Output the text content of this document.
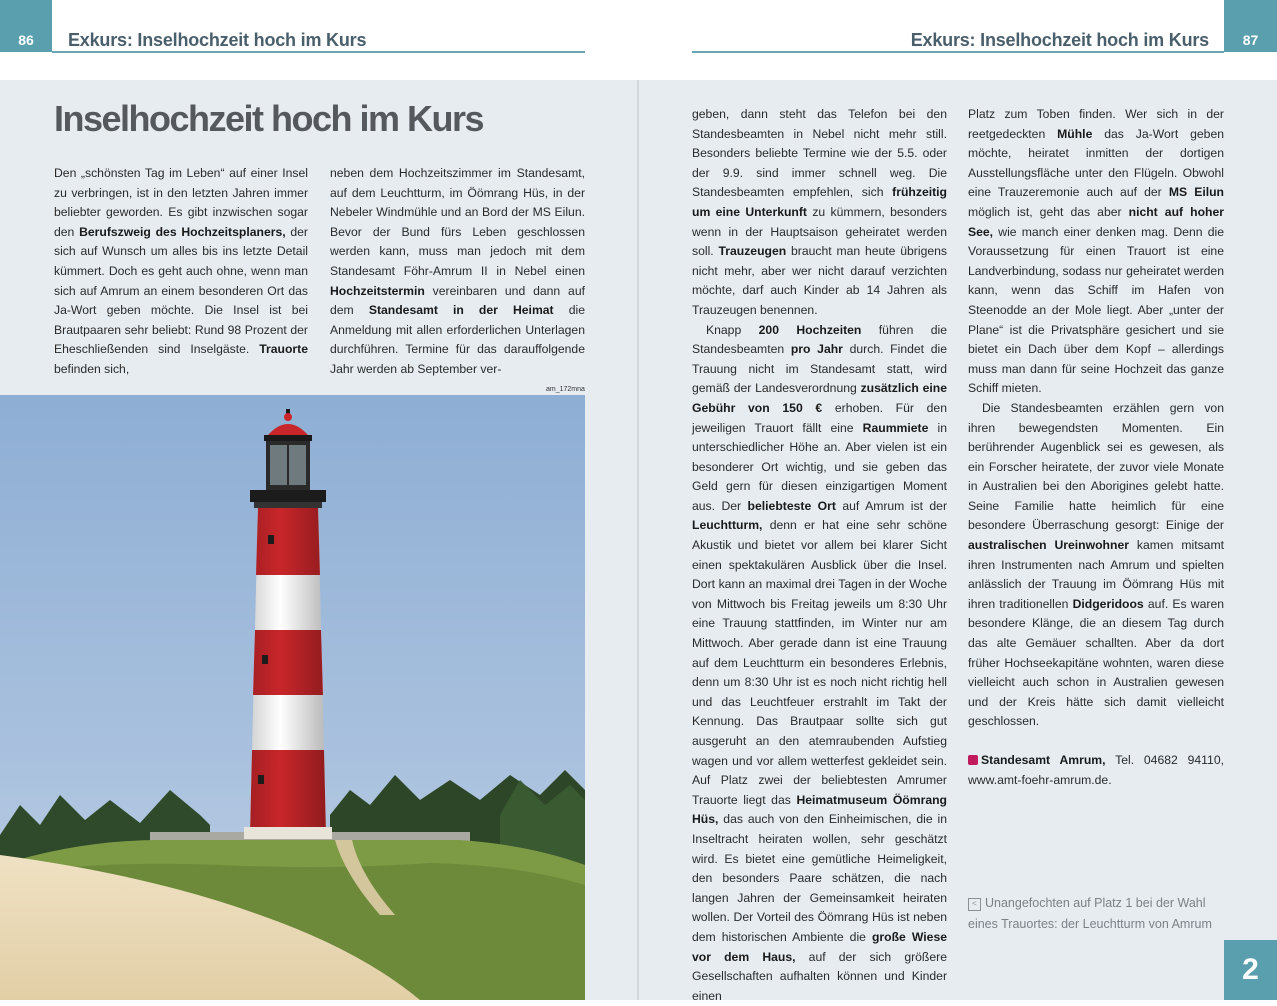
86	Exkurs: Inselhochzeit hoch im Kurs
Inselhochzeit hoch im Kurs

Den „schönsten Tag im Leben“ auf einer Insel zu verbringen, ist in den letzten Jahren immer beliebter geworden. Es gibt inzwischen sogar den Berufszweig des Hochzeitsplaners, der sich auf Wunsch um alles bis ins letzte Detail kümmert. Doch es geht auch ohne, wenn man sich auf Amrum an einem besonderen Ort das Ja-Wort geben möchte. Die Insel ist bei Brautpaaren sehr beliebt: Rund 98 Prozent der Eheschließenden sind Inselgäste. Trauorte befinden sich,

neben dem Hochzeitszimmer im Standesamt, auf dem Leuchtturm, im Öömrang Hüs, in der Nebeler Windmühle und an Bord der MS Eilun. Bevor der Bund fürs Leben geschlossen werden kann, muss man jedoch mit dem Standesamt Föhr-Amrum II in Nebel einen Hochzeitstermin vereinbaren und dann auf dem Standesamt in der Heimat die Anmeldung mit allen erforderlichen Unterlagen durchführen. Termine für das darauffolgende Jahr werden ab September ver-

am_172mna
Exkurs: Inselhochzeit hoch im Kurs	87

geben, dann steht das Telefon bei den Standesbeamten in Nebel nicht mehr still. Besonders beliebte Termine wie der 5.5. oder der 9.9. sind immer schnell weg. Die Standesbeamten empfehlen, sich frühzeitig um eine Unterkunft zu kümmern, besonders wenn in der Hauptsaison geheiratet werden soll. Trauzeugen braucht man heute übrigens nicht mehr, aber wer nicht darauf verzichten möchte, darf auch Kinder ab 14 Jahren als Trauzeugen benennen.

Knapp 200 Hochzeiten führen die Standesbeamten pro Jahr durch. Findet die Trauung nicht im Standesamt statt, wird gemäß der Landesverordnung zusätzlich eine Gebühr von 150 € erhoben. Für den jeweiligen Trauort fällt eine Raummiete in unterschiedlicher Höhe an. Aber vielen ist ein besonderer Ort wichtig, und sie geben das Geld gern für diesen einzigartigen Moment aus. Der beliebteste Ort auf Amrum ist der Leuchtturm, denn er hat eine sehr schöne Akustik und bietet vor allem bei klarer Sicht einen spektakulären Ausblick über die Insel. Dort kann an maximal drei Tagen in der Woche von Mittwoch bis Freitag jeweils um 8:30 Uhr eine Trauung stattfinden, im Winter nur am Mittwoch. Aber gerade dann ist eine Trauung auf dem Leuchtturm ein besonderes Erlebnis, denn um 8:30 Uhr ist es noch nicht richtig hell und das Leuchtfeuer erstrahlt im Takt der Kennung. Das Brautpaar sollte sich gut ausgeruht an den atemraubenden Aufstieg wagen und vor allem wetterfest gekleidet sein. Auf Platz zwei der beliebtesten Amrumer Trauorte liegt das Heimatmuseum Öömrang Hüs, das auch von den Einheimischen, die in Inseltracht heiraten wollen, sehr geschätzt wird. Es bietet eine gemütliche Heimeligkeit, den besonders Paare schätzen, die nach langen Jahren der Gemeinsamkeit heiraten wollen. Der Vorteil des Öömrang Hüs ist neben dem historischen Ambiente die große Wiese vor dem Haus, auf der sich größere Gesellschaften aufhalten können und Kinder einen

Platz zum Toben finden. Wer sich in der reetgedeckten Mühle das Ja-Wort geben möchte, heiratet inmitten der dortigen Ausstellungsfläche unter den Flügeln. Obwohl eine Trauzeremonie auch auf der MS Eilun möglich ist, geht das aber nicht auf hoher See, wie manch einer denken mag. Denn die Voraussetzung für einen Trauort ist eine Landverbindung, sodass nur geheiratet werden kann, wenn das Schiff im Hafen von Steenodde an der Mole liegt. Aber „unter der Plane“ ist die Privatsphäre gesichert und sie bietet ein Dach über dem Kopf – allerdings muss man dann für seine Hochzeit das ganze Schiff mieten.

Die Standesbeamten erzählen gern von ihren bewegendsten Momenten. Ein berührender Augenblick sei es gewesen, als ein Forscher heiratete, der zuvor viele Monate in Australien bei den Aborigines gelebt hatte. Seine Familie hatte heimlich für eine besondere Überraschung gesorgt: Einige der australischen Ureinwohner kamen mitsamt ihren Instrumenten nach Amrum und spielten anlässlich der Trauung im Öömrang Hüs mit ihren traditionellen Didgeridoos auf. Es waren besondere Klänge, die an diesem Tag durch das alte Gemäuer schallten. Aber da dort früher Hochseekapitäne wohnten, waren diese vielleicht auch schon in Australien gewesen und der Kreis hätte sich damit vielleicht geschlossen.

Standesamt Amrum, Tel. 04682 94110, www.amt-foehr-amrum.de.

< Unangefochten auf Platz 1 bei der Wahl
eines Trauortes: der Leuchtturm von Amrum
2
